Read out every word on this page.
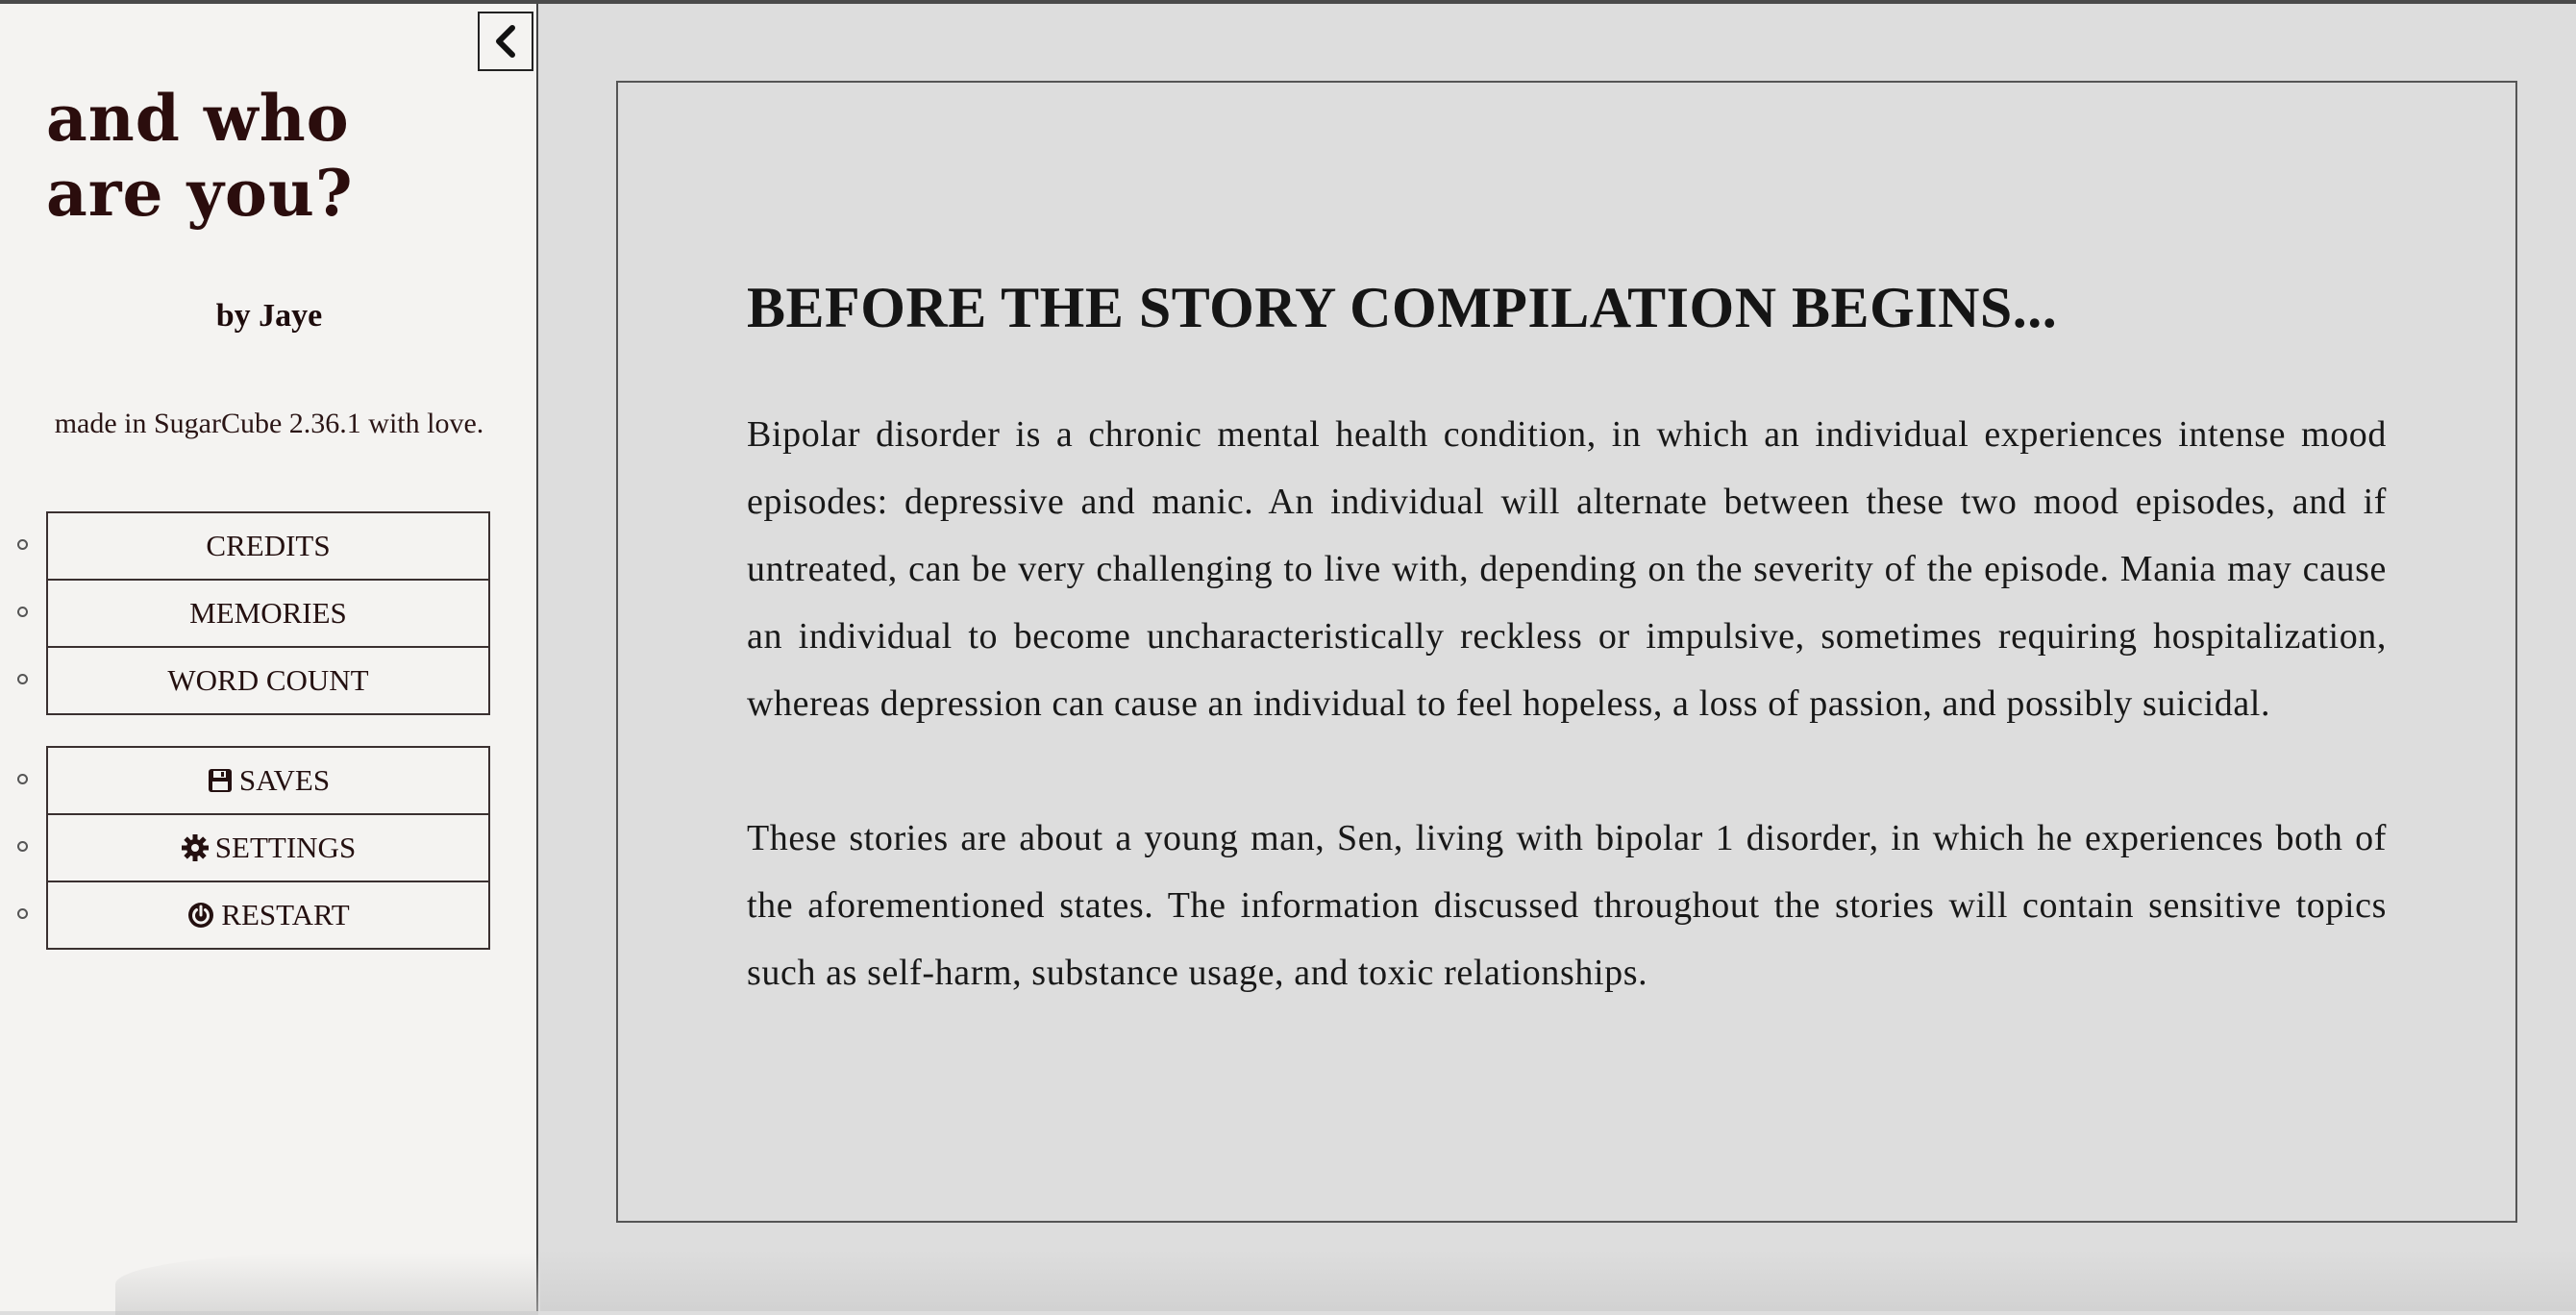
and who
are you?
by Jaye
made in SugarCube 2.36.1 with love.
CREDITS
MEMORIES
WORD COUNT
SAVES
SETTINGS
RESTART
BEFORE THE STORY COMPILATION BEGINS...

Bipolar disorder is a chronic mental health condition, in which an individual experiences intense mood episodes: depressive and manic. An individual will alternate between these two mood episodes, and if untreated, can be very challenging to live with, depending on the severity of the episode. Mania may cause an individual to become uncharacteristically reckless or impulsive, sometimes requiring hospitalization, whereas depression can cause an individual to feel hopeless, a loss of passion, and possibly suicidal.

These stories are about a young man, Sen, living with bipolar 1 disorder, in which he experiences both of the aforementioned states. The information discussed throughout the stories will contain sensitive topics such as self-harm, substance usage, and toxic relationships.
